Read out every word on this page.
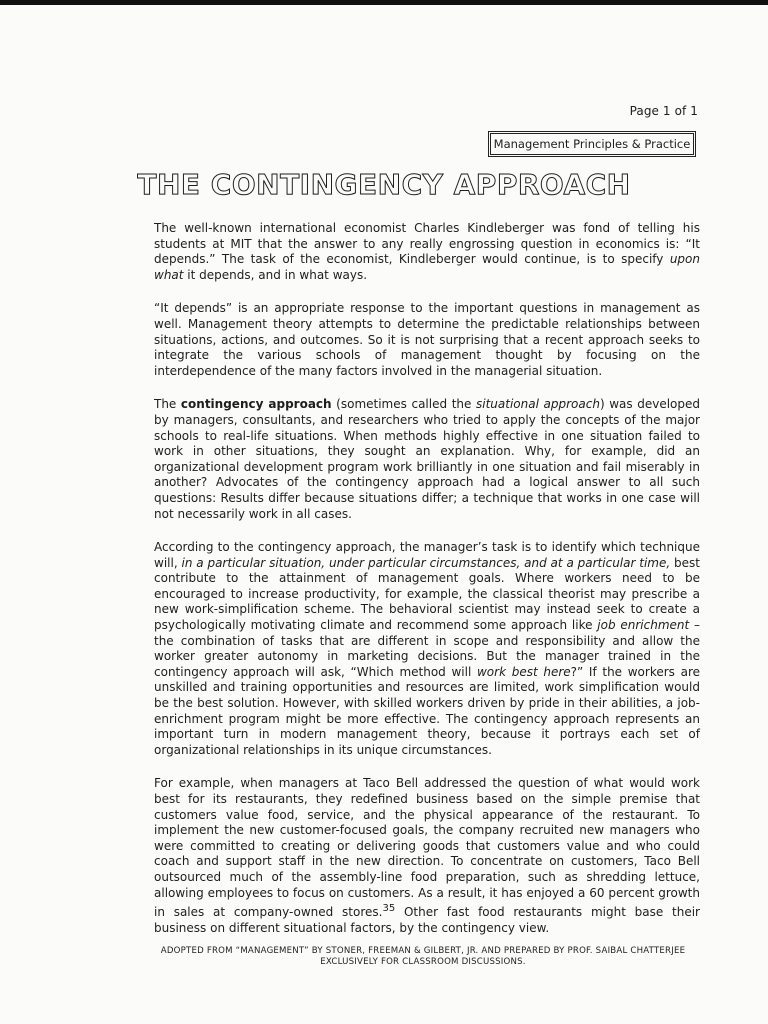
Page 1 of 1
Management Principles & Practice
THE CONTINGENCY APPROACH

The well-known international economist Charles Kindleberger was fond of telling his students at MIT that the answer to any really engrossing question in economics is: “It depends.” The task of the economist, Kindleberger would continue, is to specify upon what it depends, and in what ways.

“It depends” is an appropriate response to the important questions in management as well. Management theory attempts to determine the predictable relationships between situations, actions, and outcomes. So it is not surprising that a recent approach seeks to integrate the various schools of management thought by focusing on the interdependence of the many factors involved in the managerial situation.

The contingency approach (sometimes called the situational approach) was developed by managers, consultants, and researchers who tried to apply the concepts of the major schools to real-life situations. When methods highly effective in one situation failed to work in other situations, they sought an explanation. Why, for example, did an organizational development program work brilliantly in one situation and fail miserably in another? Advocates of the contingency approach had a logical answer to all such questions: Results differ because situations differ; a technique that works in one case will not necessarily work in all cases.

According to the contingency approach, the manager’s task is to identify which technique will, in a particular situation, under particular circumstances, and at a particular time, best contribute to the attainment of management goals. Where workers need to be encouraged to increase productivity, for example, the classical theorist may prescribe a new work-simplification scheme. The behavioral scientist may instead seek to create a psychologically motivating climate and recommend some approach like job enrichment – the combination of tasks that are different in scope and responsibility and allow the worker greater autonomy in marketing decisions. But the manager trained in the contingency approach will ask, “Which method will work best here?” If the workers are unskilled and training opportunities and resources are limited, work simplification would be the best solution. However, with skilled workers driven by pride in their abilities, a job-enrichment program might be more effective. The contingency approach represents an important turn in modern management theory, because it portrays each set of organizational relationships in its unique circumstances.

For example, when managers at Taco Bell addressed the question of what would work best for its restaurants, they redefined business based on the simple premise that customers value food, service, and the physical appearance of the restaurant. To implement the new customer-focused goals, the company recruited new managers who were committed to creating or delivering goods that customers value and who could coach and support staff in the new direction. To concentrate on customers, Taco Bell outsourced much of the assembly-line food preparation, such as shredding lettuce, allowing employees to focus on customers. As a result, it has enjoyed a 60 percent growth in sales at company-owned stores.$^{35}$ Other fast food restaurants might base their business on different situational factors, by the contingency view.

ADOPTED FROM “MANAGEMENT” BY STONER, FREEMAN & GILBERT, JR. AND PREPARED BY PROF. SAIBAL CHATTERJEE
EXCLUSIVELY FOR CLASSROOM DISCUSSIONS.
